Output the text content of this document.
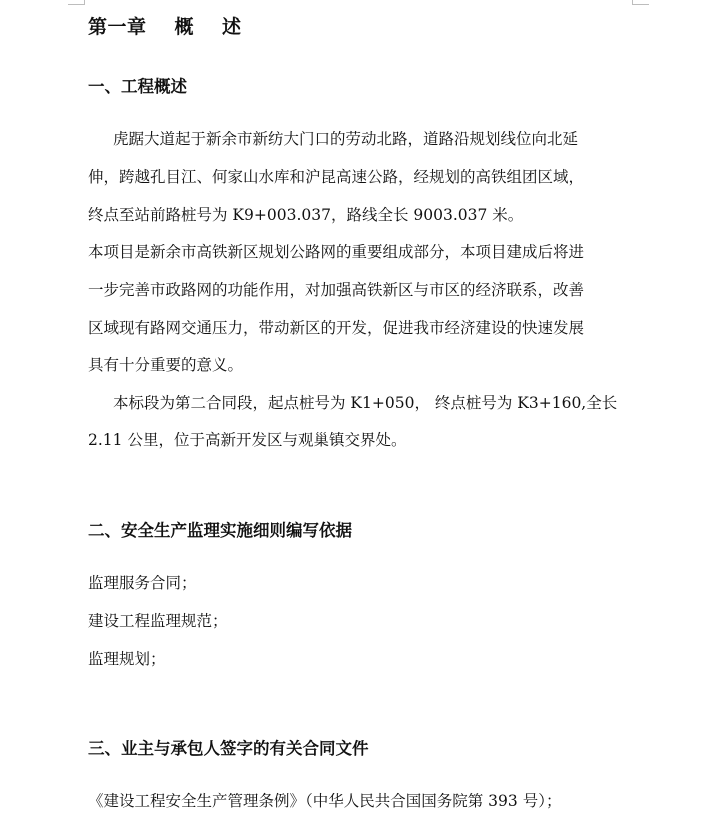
第一章 概 述
一、工程概述
虎踞大道起于新余市新纺大门口的劳动北路，道路沿规划线位向北延
伸，跨越孔目江、何家山水库和沪昆高速公路，经规划的高铁组团区域，
终点至站前路桩号为 K9+003.037，路线全长 9003.037 米。
本项目是新余市高铁新区规划公路网的重要组成部分，本项目建成后将进
一步完善市政路网的功能作用，对加强高铁新区与市区的经济联系，改善
区域现有路网交通压力，带动新区的开发，促进我市经济建设的快速发展
具有十分重要的意义。
本标段为第二合同段，起点桩号为 K1+050， 终点桩号为 K3+160,全长
2.11 公里，位于高新开发区与观巢镇交界处。
二、安全生产监理实施细则编写依据
监理服务合同；
建设工程监理规范；
监理规划；
三、业主与承包人签字的有关合同文件
《建设工程安全生产管理条例》（中华人民共合国国务院第 393 号）；
